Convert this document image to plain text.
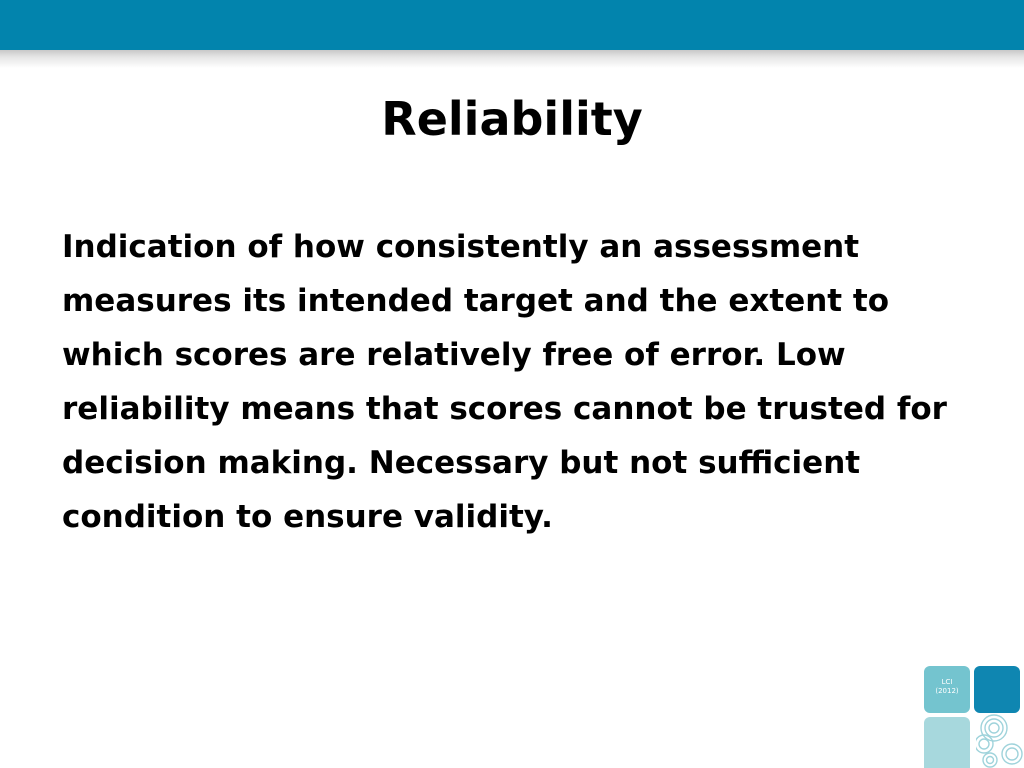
Reliability

Indication of how consistently an assessment measures its intended target and the extent to which scores are relatively free of error. Low reliability means that scores cannot be trusted for decision making. Necessary but not sufficient condition to ensure validity.

LCI
(2012)
